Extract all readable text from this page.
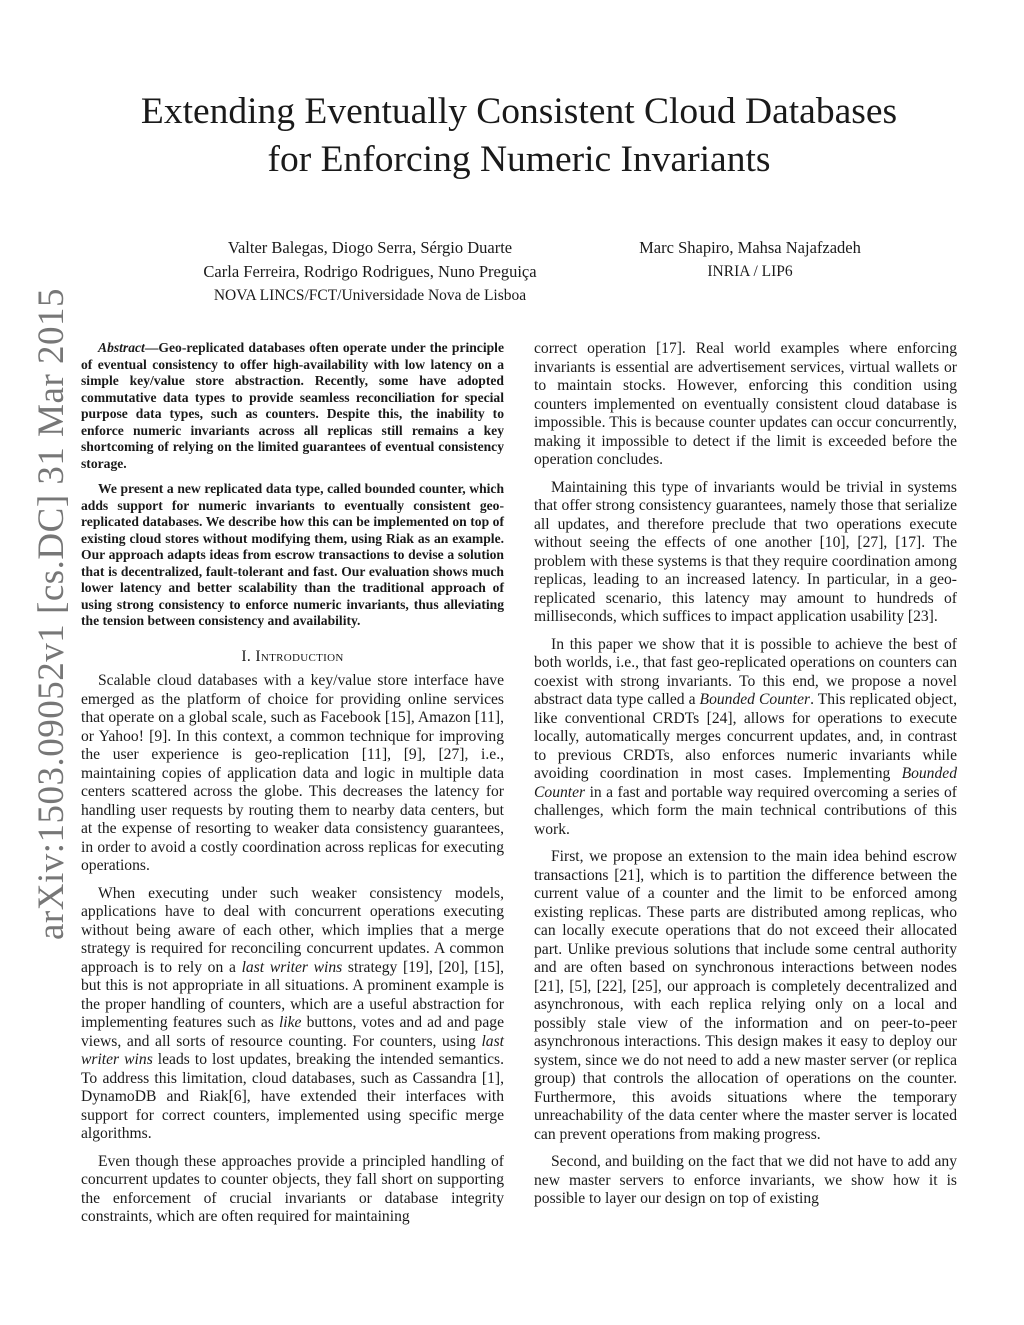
arXiv:1503.09052v1 [cs.DC] 31 Mar 2015
Extending Eventually Consistent Cloud Databases
for Enforcing Numeric Invariants
Valter Balegas, Diogo Serra, Sérgio Duarte
Carla Ferreira, Rodrigo Rodrigues, Nuno Preguiça
NOVA LINCS/FCT/Universidade Nova de Lisboa
Marc Shapiro, Mahsa Najafzadeh
INRIA / LIP6

Abstract—Geo-replicated databases often operate under the principle of eventual consistency to offer high-availability with low latency on a simple key/value store abstraction. Recently, some have adopted commutative data types to provide seamless reconciliation for special purpose data types, such as counters. Despite this, the inability to enforce numeric invariants across all replicas still remains a key shortcoming of relying on the limited guarantees of eventual consistency storage.

We present a new replicated data type, called bounded counter, which adds support for numeric invariants to eventually consistent geo-replicated databases. We describe how this can be implemented on top of existing cloud stores without modifying them, using Riak as an example. Our approach adapts ideas from escrow transactions to devise a solution that is decentralized, fault-tolerant and fast. Our evaluation shows much lower latency and better scalability than the traditional approach of using strong consistency to enforce numeric invariants, thus alleviating the tension between consistency and availability.

I. Introduction

Scalable cloud databases with a key/value store interface have emerged as the platform of choice for providing online services that operate on a global scale, such as Facebook [15], Amazon [11], or Yahoo! [9]. In this context, a common technique for improving the user experience is geo-replication [11], [9], [27], i.e., maintaining copies of application data and logic in multiple data centers scattered across the globe. This decreases the latency for handling user requests by routing them to nearby data centers, but at the expense of resorting to weaker data consistency guarantees, in order to avoid a costly coordination across replicas for executing operations.

When executing under such weaker consistency models, applications have to deal with concurrent operations executing without being aware of each other, which implies that a merge strategy is required for reconciling concurrent updates. A common approach is to rely on a last writer wins strategy [19], [20], [15], but this is not appropriate in all situations. A prominent example is the proper handling of counters, which are a useful abstraction for implementing features such as like buttons, votes and ad and page views, and all sorts of resource counting. For counters, using last writer wins leads to lost updates, breaking the intended semantics. To address this limitation, cloud databases, such as Cassandra [1], DynamoDB and Riak[6], have extended their interfaces with support for correct counters, implemented using specific merge algorithms.

Even though these approaches provide a principled handling of concurrent updates to counter objects, they fall short on supporting the enforcement of crucial invariants or database integrity constraints, which are often required for maintaining

correct operation [17]. Real world examples where enforcing invariants is essential are advertisement services, virtual wallets or to maintain stocks. However, enforcing this condition using counters implemented on eventually consistent cloud database is impossible. This is because counter updates can occur concurrently, making it impossible to detect if the limit is exceeded before the operation concludes.

Maintaining this type of invariants would be trivial in systems that offer strong consistency guarantees, namely those that serialize all updates, and therefore preclude that two operations execute without seeing the effects of one another [10], [27], [17]. The problem with these systems is that they require coordination among replicas, leading to an increased latency. In particular, in a geo-replicated scenario, this latency may amount to hundreds of milliseconds, which suffices to impact application usability [23].

In this paper we show that it is possible to achieve the best of both worlds, i.e., that fast geo-replicated operations on counters can coexist with strong invariants. To this end, we propose a novel abstract data type called a Bounded Counter. This replicated object, like conventional CRDTs [24], allows for operations to execute locally, automatically merges concurrent updates, and, in contrast to previous CRDTs, also enforces numeric invariants while avoiding coordination in most cases. Implementing Bounded Counter in a fast and portable way required overcoming a series of challenges, which form the main technical contributions of this work.

First, we propose an extension to the main idea behind escrow transactions [21], which is to partition the difference between the current value of a counter and the limit to be enforced among existing replicas. These parts are distributed among replicas, who can locally execute operations that do not exceed their allocated part. Unlike previous solutions that include some central authority and are often based on synchronous interactions between nodes [21], [5], [22], [25], our approach is completely decentralized and asynchronous, with each replica relying only on a local and possibly stale view of the information and on peer-to-peer asynchronous interactions. This design makes it easy to deploy our system, since we do not need to add a new master server (or replica group) that controls the allocation of operations on the counter. Furthermore, this avoids situations where the temporary unreachability of the data center where the master server is located can prevent operations from making progress.

Second, and building on the fact that we did not have to add any new master servers to enforce invariants, we show how it is possible to layer our design on top of existing
